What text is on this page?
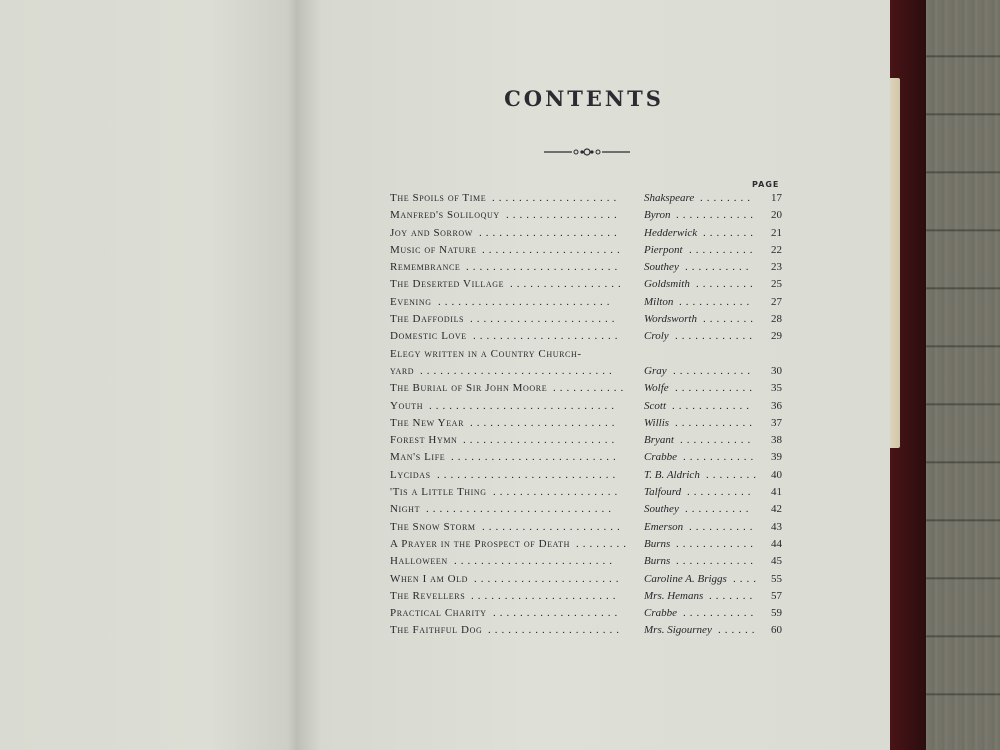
CONTENTS
PAGE
The Spoils of Time ................... Shakspeare ........ 17
Manfred's Soliloquy ................. Byron ............ 20
Joy and Sorrow ..................... Hedderwick ........ 21
Music of Nature ..................... Pierpont .......... 22
Remembrance ....................... Southey .......... 23
The Deserted Village ................. Goldsmith ......... 25
Evening ..........................	Milton ........... 27
The Daffodils ...................... Wordsworth ........ 28
Domestic Love ...................... Croly ............ 29
Elegy written in a Country Church-
yard .............................	Gray ............ 30
The Burial of Sir John Moore ........... Wolfe ............ 35
Youth ............................ Scott ............ 36
The New Year ...................... Willis ............ 37
Forest Hymn ....................... Bryant ........... 38
Man's Life ......................... Crabbe ........... 39
Lycidas ........................... T. B. Aldrich ........ 40
'Tis a Little Thing ................... Talfourd .......... 41
Night ............................	Southey .......... 42
The Snow Storm ..................... Emerson .......... 43
A Prayer in the Prospect of Death ........ Burns ............ 44
Halloween ........................	Burns ............ 45
When I am Old ...................... Caroline A. Briggs .... 55
The Revellers ...................... Mrs. Hemans ....... 57
Practical Charity ................... Crabbe ........... 59
The Faithful Dog .................... Mrs. Sigourney ...... 60
